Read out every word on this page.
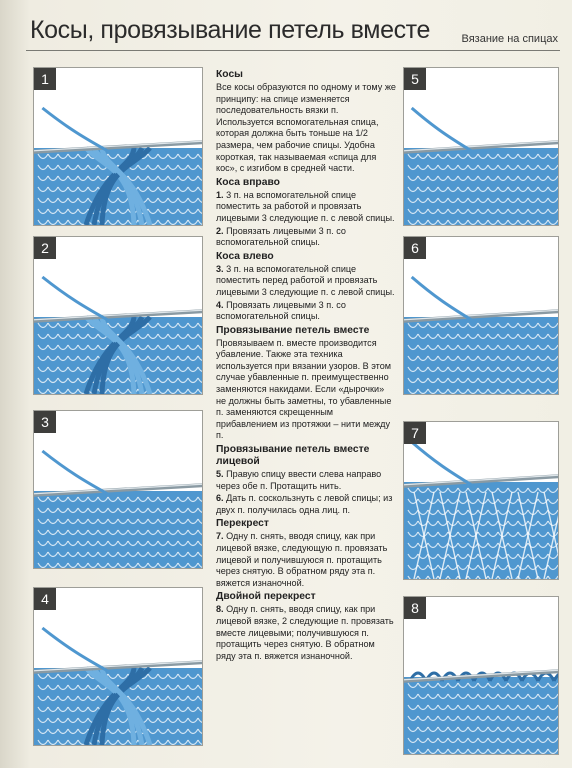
Косы, провязывание петель вместе	Вязание на спицах
1
2
3
4
5
6
7
8
Косы

Все косы образуются по одному и тому же принципу: на спице изменяется последовательность вязки п. Используется вспомогательная спица, которая должна быть тоньше на 1/2 размера, чем рабочие спицы. Удобна короткая, так называемая «спица для кос», с изгибом в средней части.

Коса вправо

1. 3 п. на вспомогательной спице поместить за работой и провязать лицевыми 3 следующие п. с левой спицы.

2. Провязать лицевыми 3 п. со вспомогательной спицы.

Коса влево

3. 3 п. на вспомогательной спице поместить перед работой и провязать лицевыми 3 следующие п. с левой спицы.

4. Провязать лицевыми 3 п. со вспомогательной спицы.

Провязывание петель вместе

Провязываем п. вместе производится убавление. Также эта техника используется при вязании узоров. В этом случае убавленные п. преимущественно заменяются накидами. Если «дырочки» не должны быть заметны, то убавленные п. заменяются скрещенным прибавлением из протяжки – нити между п.

Провязывание петель вместе лицевой

5. Правую спицу ввести слева направо через обе п. Протащить нить.

6. Дать п. соскользнуть с левой спицы; из двух п. получилась одна лиц. п.

Перекрест

7. Одну п. снять, вводя спицу, как при лицевой вязке, следующую п. провязать лицевой и получившуюся п. протащить через снятую. В обратном ряду эта п. вяжется изнаночной.

Двойной перекрест

8. Одну п. снять, вводя спицу, как при лицевой вязке, 2 следующие п. провязать вместе лицевыми; получившуюся п. протащить через снятую. В обратном ряду эта п. вяжется изнаночной.
